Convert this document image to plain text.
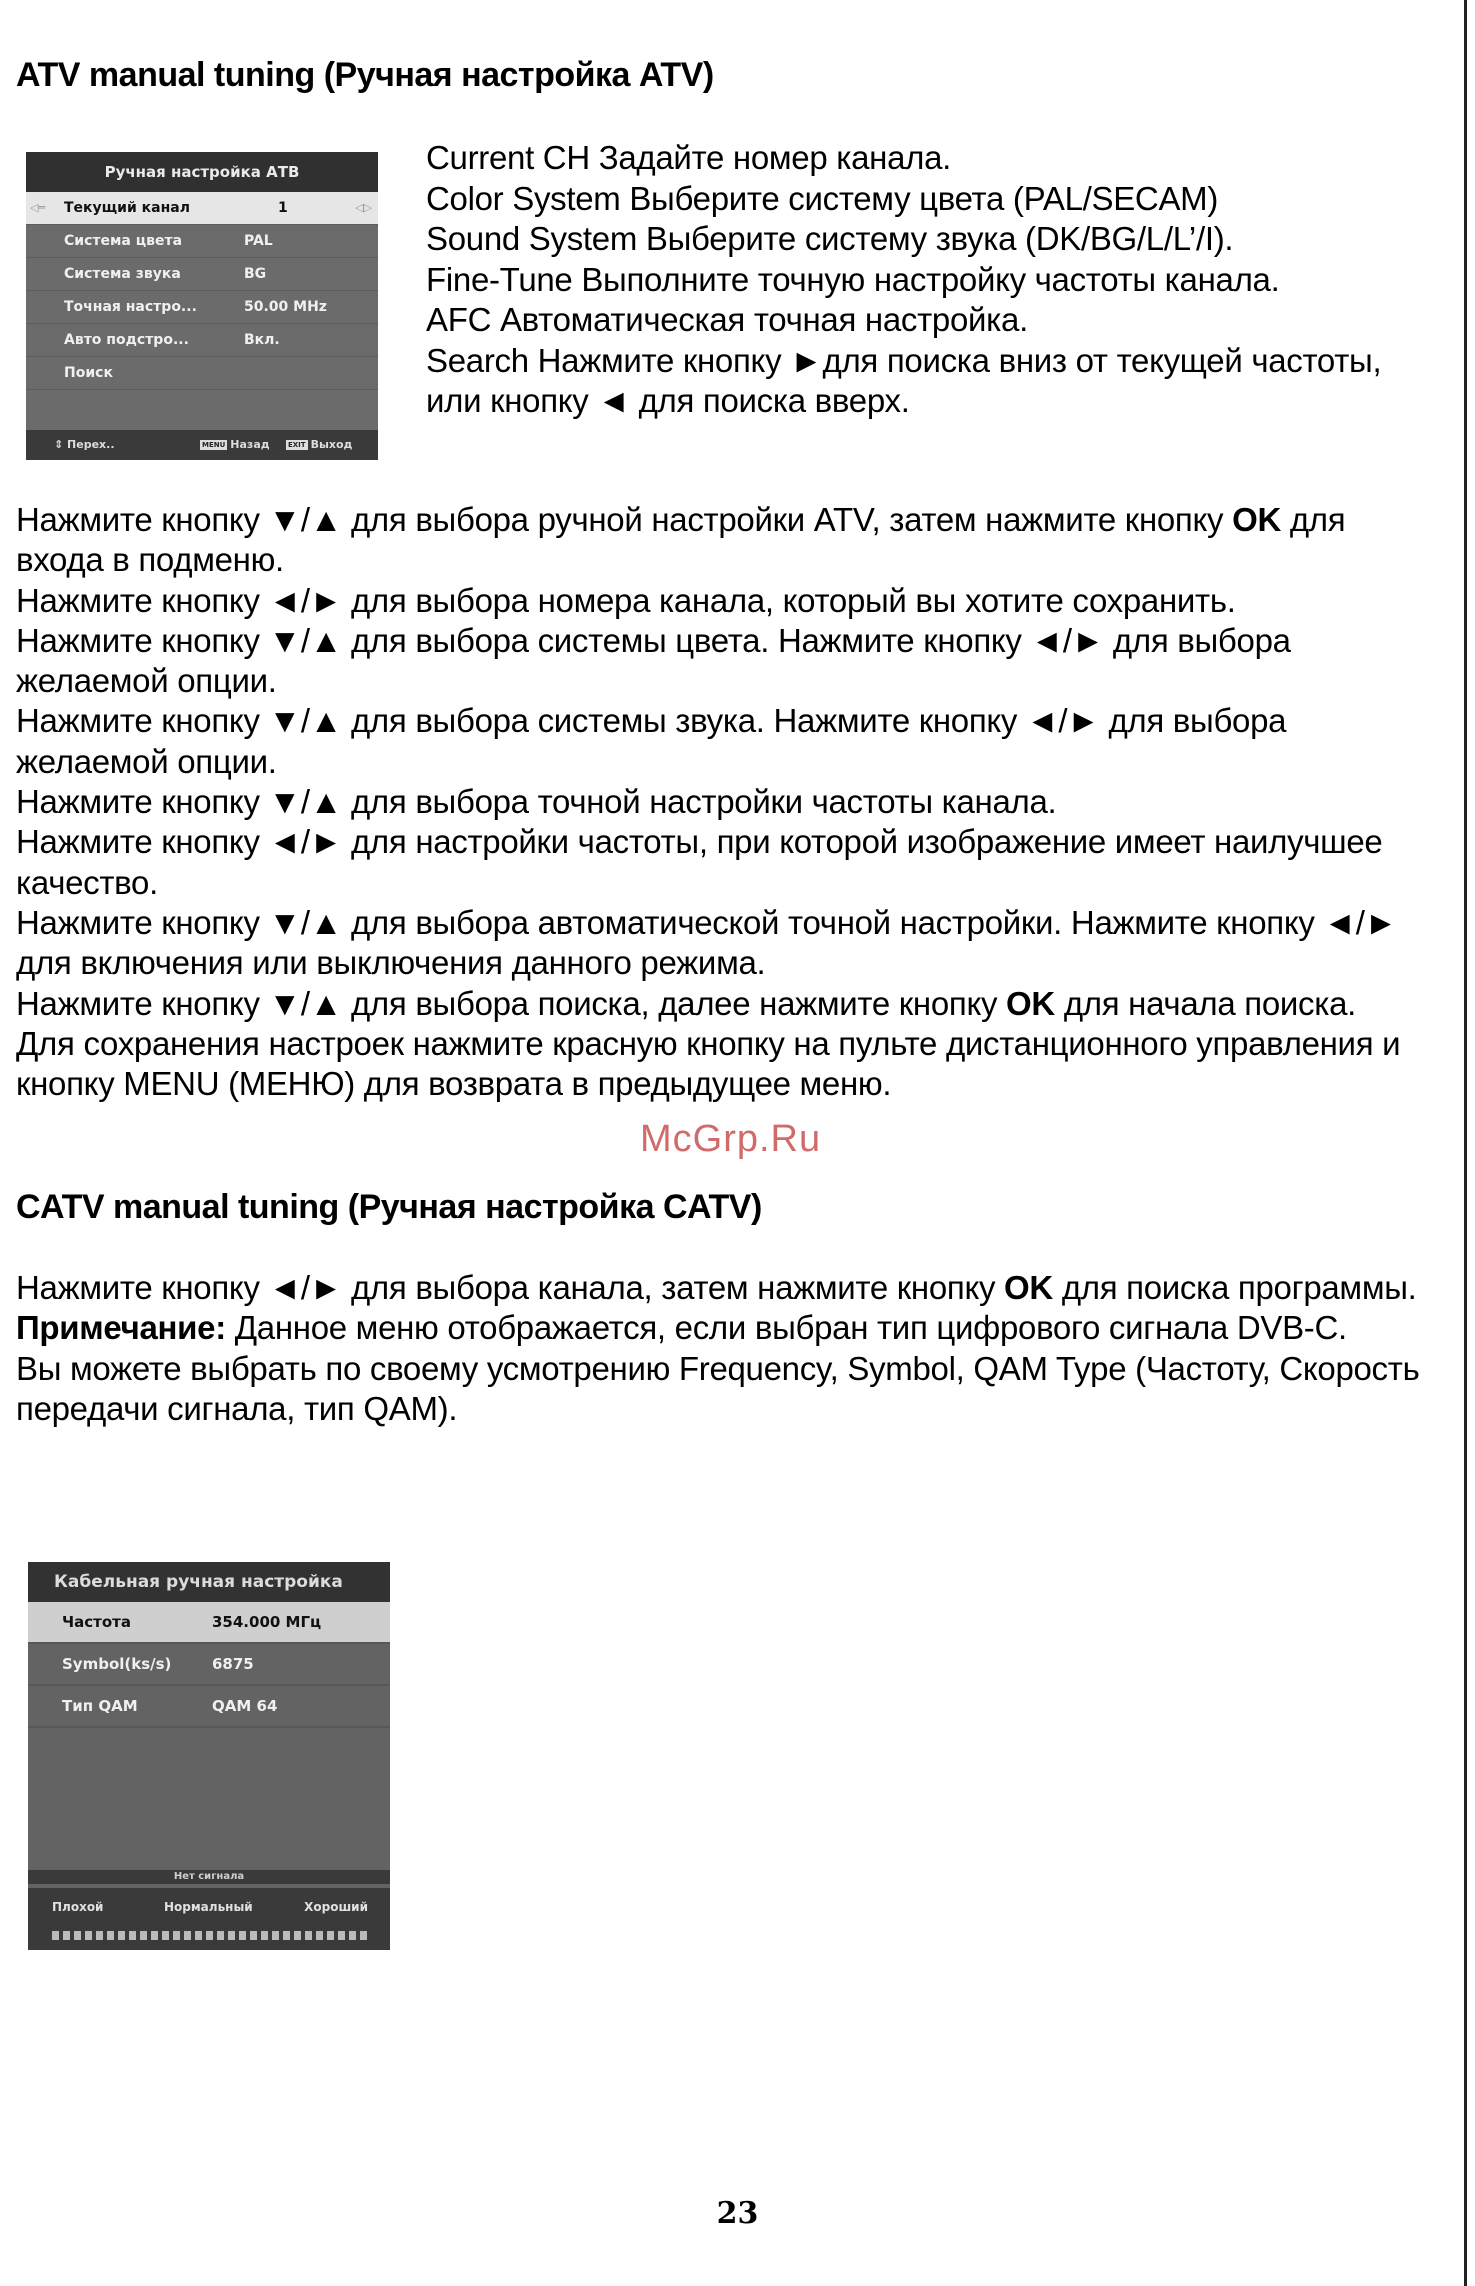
ATV manual tuning (Ручная настройка ATV)
Ручная настройка АТВ
◁═ Текущий канал	1	◁▷
Система цвета	PAL
Система звука	BG
Точная настро...	50.00 MHz
Авто подстро...	Вкл.
Поиск
⇕ Перех..	MENU Назад	EXIT Выход

Current CH Задайте номер канала.

Color System Выберите систему цвета (PAL/SECAM)

Sound System Выберите систему звука (DK/BG/L/L’/I).

Fine-Tune Выполните точную настройку частоты канала.

AFC Автоматическая точная настройка.

Search Нажмите кнопку ►для поиска вниз от текущей частоты, или кнопку ◄ для поиска вверх.

Нажмите кнопку ▼/▲ для выбора ручной настройки ATV, затем нажмите кнопку OK для входа в подменю.

Нажмите кнопку ◄/► для выбора номера канала, который вы хотите сохранить.

Нажмите кнопку ▼/▲ для выбора системы цвета. Нажмите кнопку ◄/► для выбора желаемой опции.

Нажмите кнопку ▼/▲ для выбора системы звука. Нажмите кнопку ◄/► для выбора желаемой опции.

Нажмите кнопку ▼/▲ для выбора точной настройки частоты канала.

Нажмите кнопку ◄/► для настройки частоты, при которой изображение имеет наилучшее качество.

Нажмите кнопку ▼/▲ для выбора автоматической точной настройки. Нажмите кнопку ◄/► для включения или выключения данного режима.

Нажмите кнопку ▼/▲ для выбора поиска, далее нажмите кнопку OK для начала поиска.

Для сохранения настроек нажмите красную кнопку на пульте дистанционного управления и кнопку MENU (МЕНЮ) для возврата в предыдущее меню.

McGrp.Ru
CATV manual tuning (Ручная настройка CATV)

Нажмите кнопку ◄/► для выбора канала, затем нажмите кнопку OK для поиска программы.

Примечание: Данное меню отображается, если выбран тип цифрового сигнала DVB-C.

Вы можете выбрать по своему усмотрению Frequency, Symbol, QAM Type (Частоту, Скорость передачи сигнала, тип QAM).

Кабельная ручная настройка
Частота	354.000 МГц
Symbol(ks/s)	6875
Тип QAM	QAM 64
Нет сигнала
Плохой	Нормальный	Хороший
23
